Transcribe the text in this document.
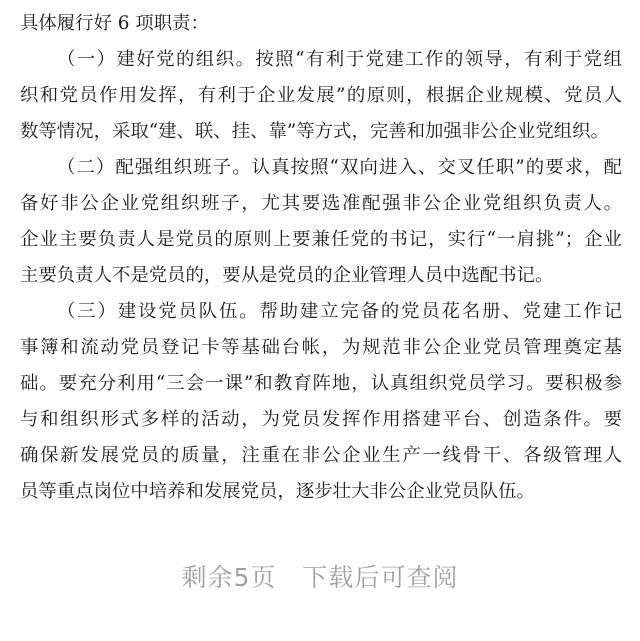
具体履行好 6 项职责：
（一）建好党的组织。按照“有利于党建工作的领导，有利于党组
织和党员作用发挥，有利于企业发展”的原则，根据企业规模、党员人
数等情况，采取“建、联、挂、靠”等方式，完善和加强非公企业党组织。
（二）配强组织班子。认真按照“双向进入、交叉任职”的要求，配
备好非公企业党组织班子，尤其要选准配强非公企业党组织负责人。
企业主要负责人是党员的原则上要兼任党的书记，实行“一肩挑”；企业
主要负责人不是党员的，要从是党员的企业管理人员中选配书记。
（三）建设党员队伍。帮助建立完备的党员花名册、党建工作记
事簿和流动党员登记卡等基础台帐，为规范非公企业党员管理奠定基
础。要充分利用“三会一课”和教育阵地，认真组织党员学习。要积极参
与和组织形式多样的活动，为党员发挥作用搭建平台、创造条件。要
确保新发展党员的质量，注重在非公企业生产一线骨干、各级管理人
员等重点岗位中培养和发展党员，逐步壮大非公企业党员队伍。
剩余5页　下载后可查阅
